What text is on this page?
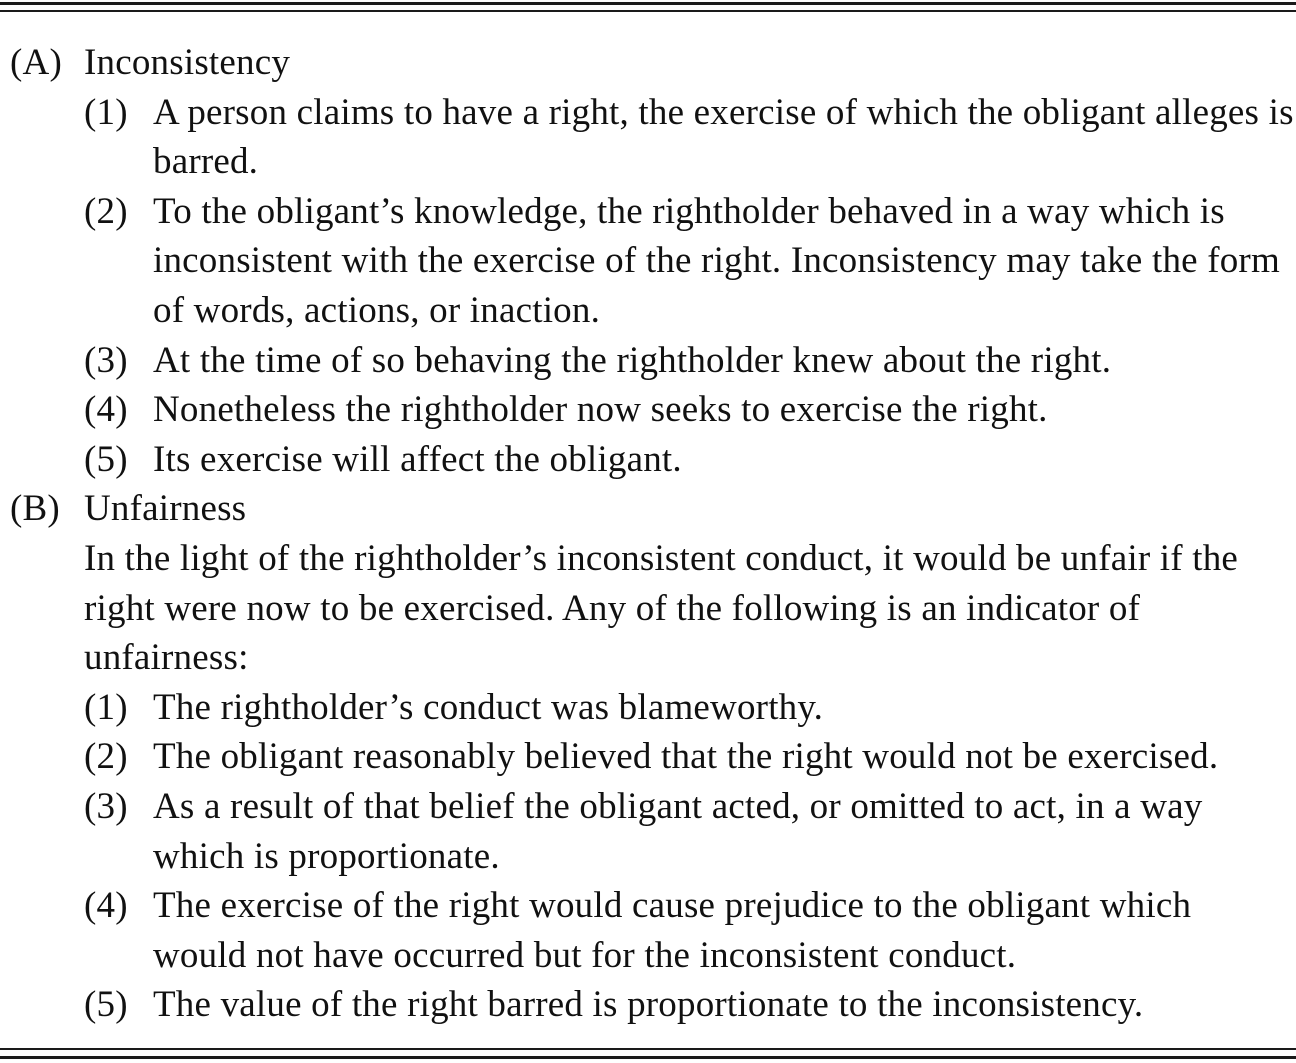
(A) Inconsistency
(1) A person claims to have a right, the exercise of which the obligant alleges is barred.
(2) To the obligant’s knowledge, the rightholder behaved in a way which is inconsistent with the exercise of the right. Inconsistency may take the form of words, actions, or inaction.
(3) At the time of so behaving the rightholder knew about the right.
(4) Nonetheless the rightholder now seeks to exercise the right.
(5) Its exercise will affect the obligant.
(B) Unfairness
In the light of the rightholder’s inconsistent conduct, it would be unfair if the right were now to be exercised. Any of the following is an indicator of unfairness:
(1) The rightholder’s conduct was blameworthy.
(2) The obligant reasonably believed that the right would not be exercised.
(3) As a result of that belief the obligant acted, or omitted to act, in a way which is proportionate.
(4) The exercise of the right would cause prejudice to the obligant which would not have occurred but for the inconsistent conduct.
(5) The value of the right barred is proportionate to the inconsistency.
